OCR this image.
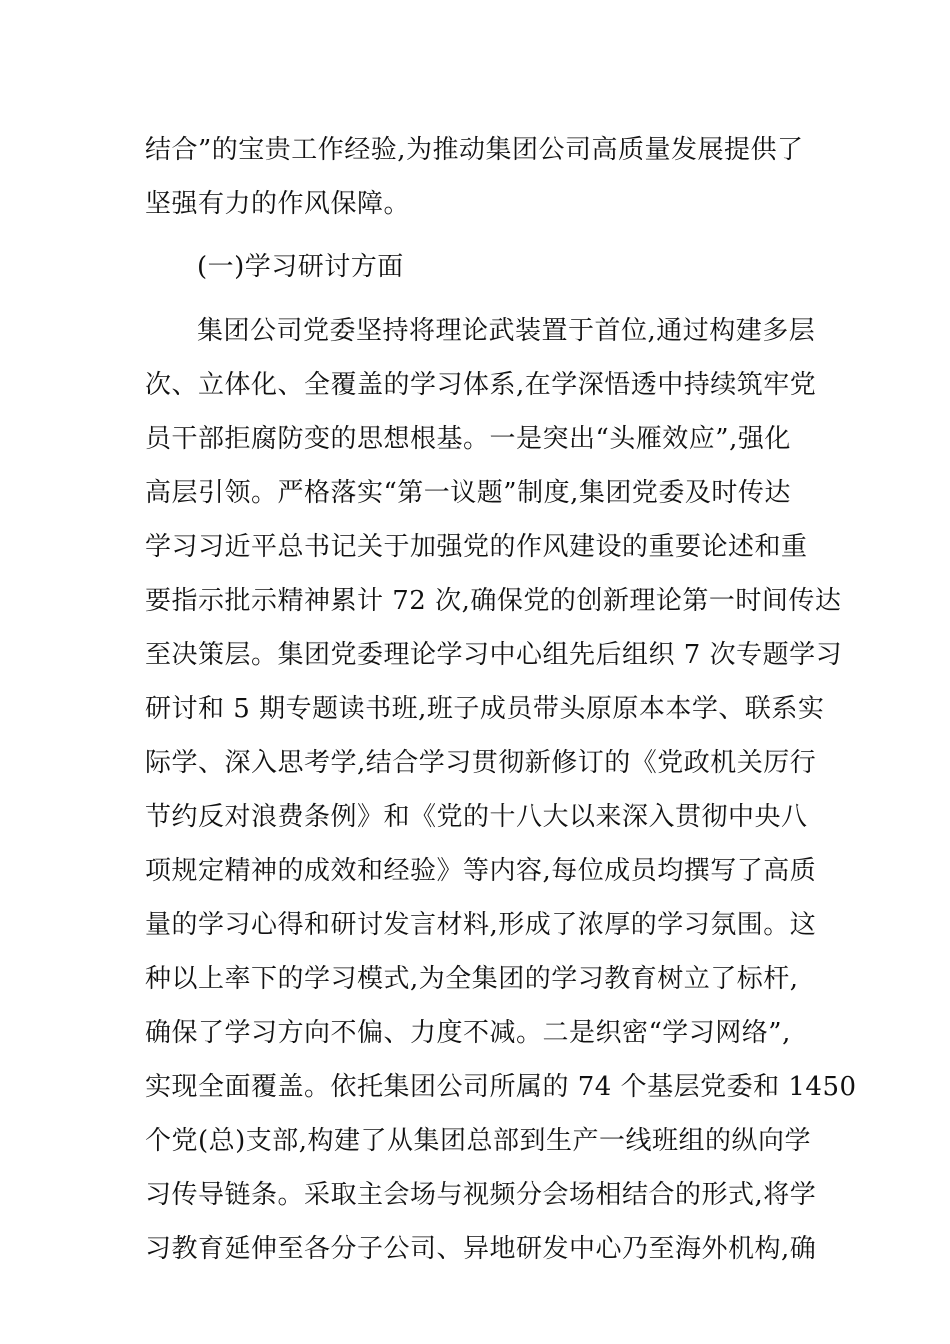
结合”的宝贵工作经验,为推动集团公司高质量发展提供了
坚强有力的作风保障。
(一)学习研讨方面
集团公司党委坚持将理论武装置于首位,通过构建多层
次、立体化、全覆盖的学习体系,在学深悟透中持续筑牢党
员干部拒腐防变的思想根基。一是突出“头雁效应”,强化
高层引领。严格落实“第一议题”制度,集团党委及时传达
学习习近平总书记关于加强党的作风建设的重要论述和重
要指示批示精神累计 72 次,确保党的创新理论第一时间传达
至决策层。集团党委理论学习中心组先后组织 7 次专题学习
研讨和 5 期专题读书班,班子成员带头原原本本学、联系实
际学、深入思考学,结合学习贯彻新修订的《党政机关厉行
节约反对浪费条例》和《党的十八大以来深入贯彻中央八
项规定精神的成效和经验》等内容,每位成员均撰写了高质
量的学习心得和研讨发言材料,形成了浓厚的学习氛围。这
种以上率下的学习模式,为全集团的学习教育树立了标杆,
确保了学习方向不偏、力度不减。二是织密“学习网络”,
实现全面覆盖。依托集团公司所属的 74 个基层党委和 1450
个党(总)支部,构建了从集团总部到生产一线班组的纵向学
习传导链条。采取主会场与视频分会场相结合的形式,将学
习教育延伸至各分子公司、异地研发中心乃至海外机构,确
